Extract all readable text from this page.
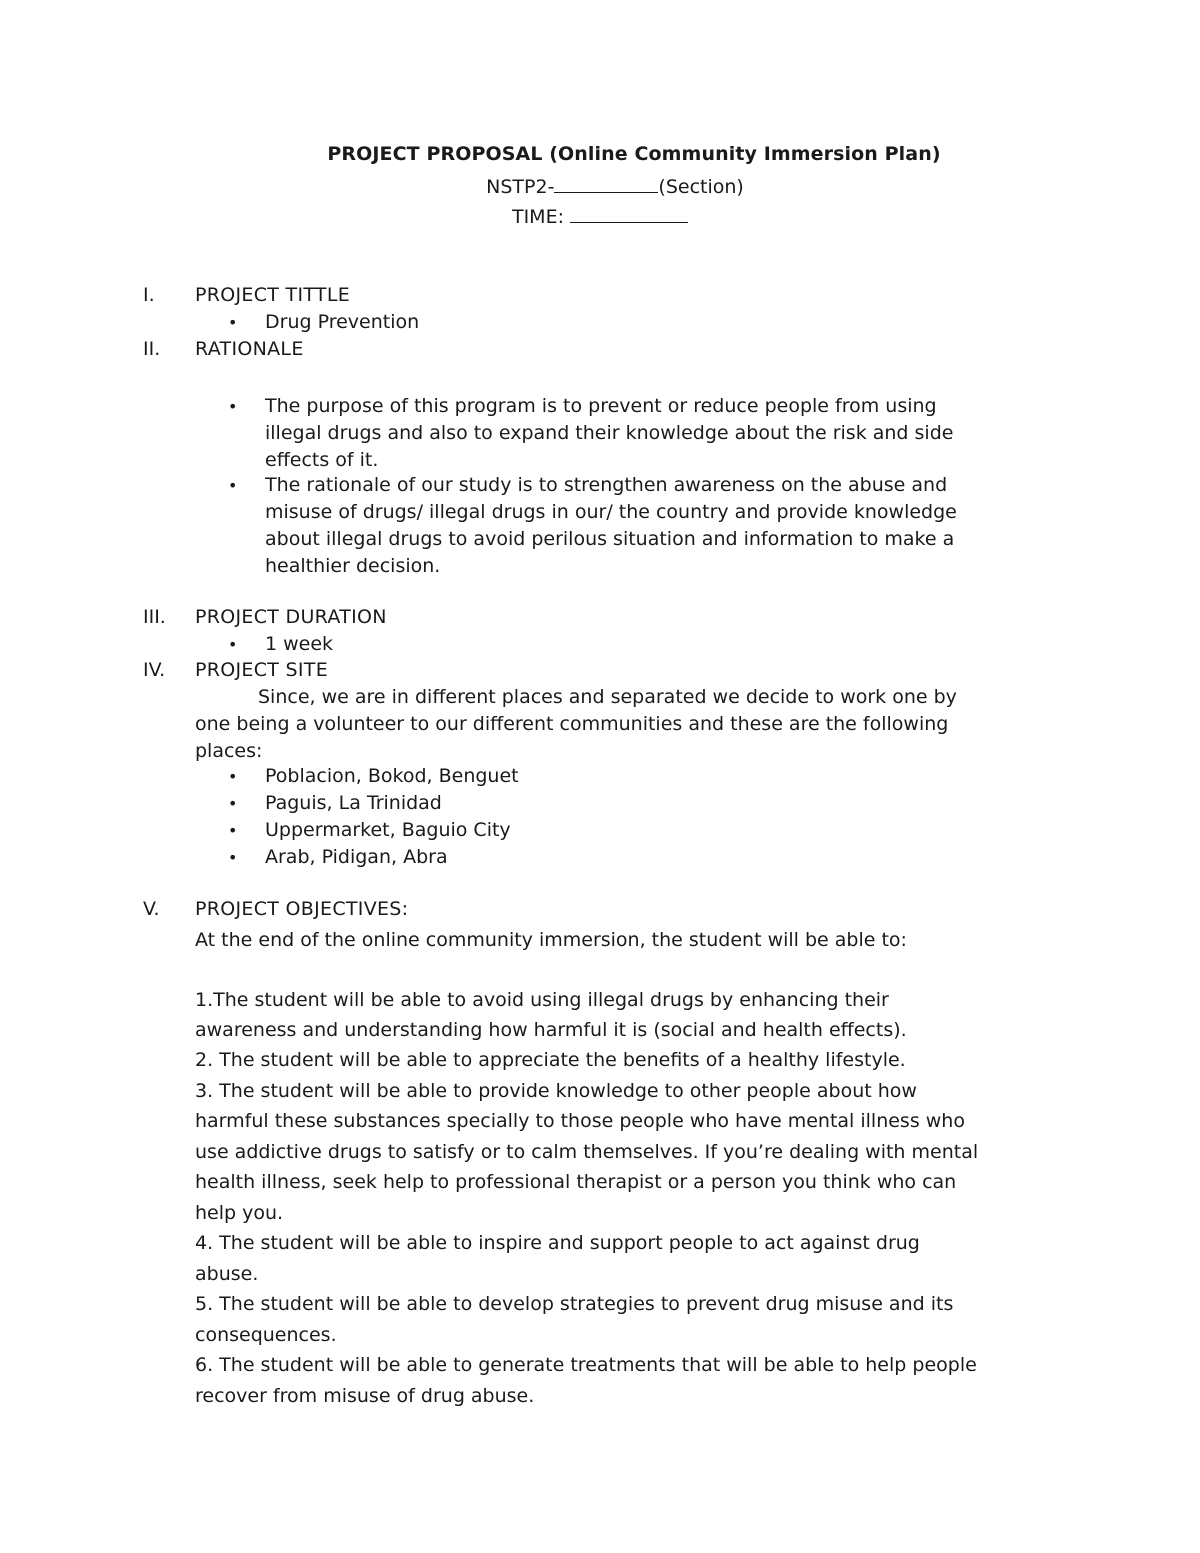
PROJECT PROPOSAL (Online Community Immersion Plan)
NSTP2-	(Section)
TIME:
I. PROJECT TITTLE
• Drug Prevention
II. RATIONALE
• The purpose of this program is to prevent or reduce people from using
illegal drugs and also to expand their knowledge about the risk and side
effects of it.
• The rationale of our study is to strengthen awareness on the abuse and
misuse of drugs/ illegal drugs in our/ the country and provide knowledge
about illegal drugs to avoid perilous situation and information to make a
healthier decision.
III. PROJECT DURATION
• 1 week
IV. PROJECT SITE
Since, we are in different places and separated we decide to work one by
one being a volunteer to our different communities and these are the following
places:
• Poblacion, Bokod, Benguet
• Paguis, La Trinidad
• Uppermarket, Baguio City
• Arab, Pidigan, Abra
V. PROJECT OBJECTIVES:
At the end of the online community immersion, the student will be able to:
1.The student will be able to avoid using illegal drugs by enhancing their
awareness and understanding how harmful it is (social and health effects).
2. The student will be able to appreciate the benefits of a healthy lifestyle.
3. The student will be able to provide knowledge to other people about how
harmful these substances specially to those people who have mental illness who
use addictive drugs to satisfy or to calm themselves. If you’re dealing with mental
health illness, seek help to professional therapist or a person you think who can
help you.
4. The student will be able to inspire and support people to act against drug
abuse.
5. The student will be able to develop strategies to prevent drug misuse and its
consequences.
6. The student will be able to generate treatments that will be able to help people
recover from misuse of drug abuse.
